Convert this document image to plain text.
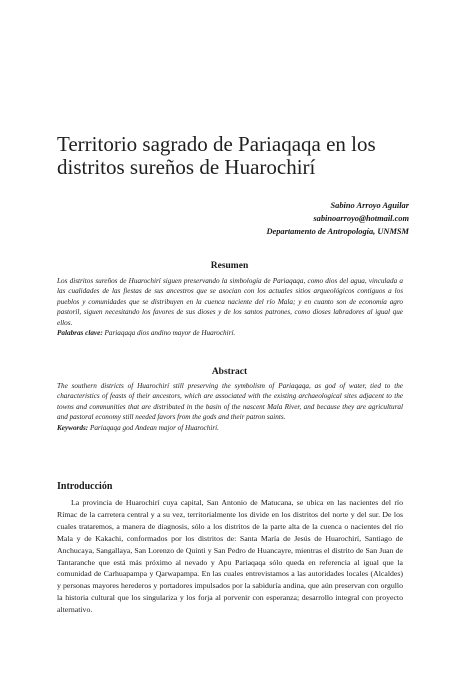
Territorio sagrado de Pariaqaqa en los distritos sureños de Huarochirí
Sabino Arroyo Aguilar
sabinoarroyo@hotmail.com
Departamento de Antropología, UNMSM
Resumen

Los distritos sureños de Huarochirí siguen preservando la simbología de Pariaqaqa, como dios del agua, vinculada a las cualidades de las fiestas de sus ancestros que se asocian con los actuales sitios arqueológicos contiguos a los pueblos y comunidades que se distribuyen en la cuenca naciente del río Mala; y en cuanto son de economía agro pastoril, siguen necesitando los favores de sus dioses y de los santos patrones, como dioses labradores al igual que ellos.

Palabras clave: Pariaqaqa dios andino mayor de Huarochirí.

Abstract

The southern districts of Huarochirí still preserving the symbolism of Pariaqaqa, as god of water, tied to the characteristics of feasts of their ancestors, which are associated with the existing archaeological sites adjacent to the towns and communities that are distributed in the basin of the nascent Mala River, and because they are agricultural and pastoral economy still needed favors from the gods and their patron saints.

Keywords: Pariaqaqa god Andean major of Huarochirí.

Introducción

La provincia de Huarochirí cuya capital, San Antonio de Matucana, se ubica en las nacientes del río Rímac de la carretera central y a su vez, territorialmente los divide en los distritos del norte y del sur. De los cuales trataremos, a manera de diagnosis, sólo a los distritos de la parte alta de la cuenca o nacientes del río Mala y de Kakachi, conformados por los distritos de: Santa María de Jesús de Huarochirí, Santiago de Anchucaya, Sangallaya, San Lorenzo de Quinti y San Pedro de Huancayre, mientras el distrito de San Juan de Tantaranche que está más próximo al nevado y Apu Pariaqaqa sólo queda en referencia al igual que la comunidad de Carhuapampa y Qarwapampa. En las cuales entrevistamos a las autoridades locales (Alcaldes) y personas mayores herederos y portadores impulsados por la sabiduría andina, que aún preservan con orgullo la historia cultural que los singulariza y los forja al porvenir con esperanza; desarrollo integral con proyecto alternativo.
